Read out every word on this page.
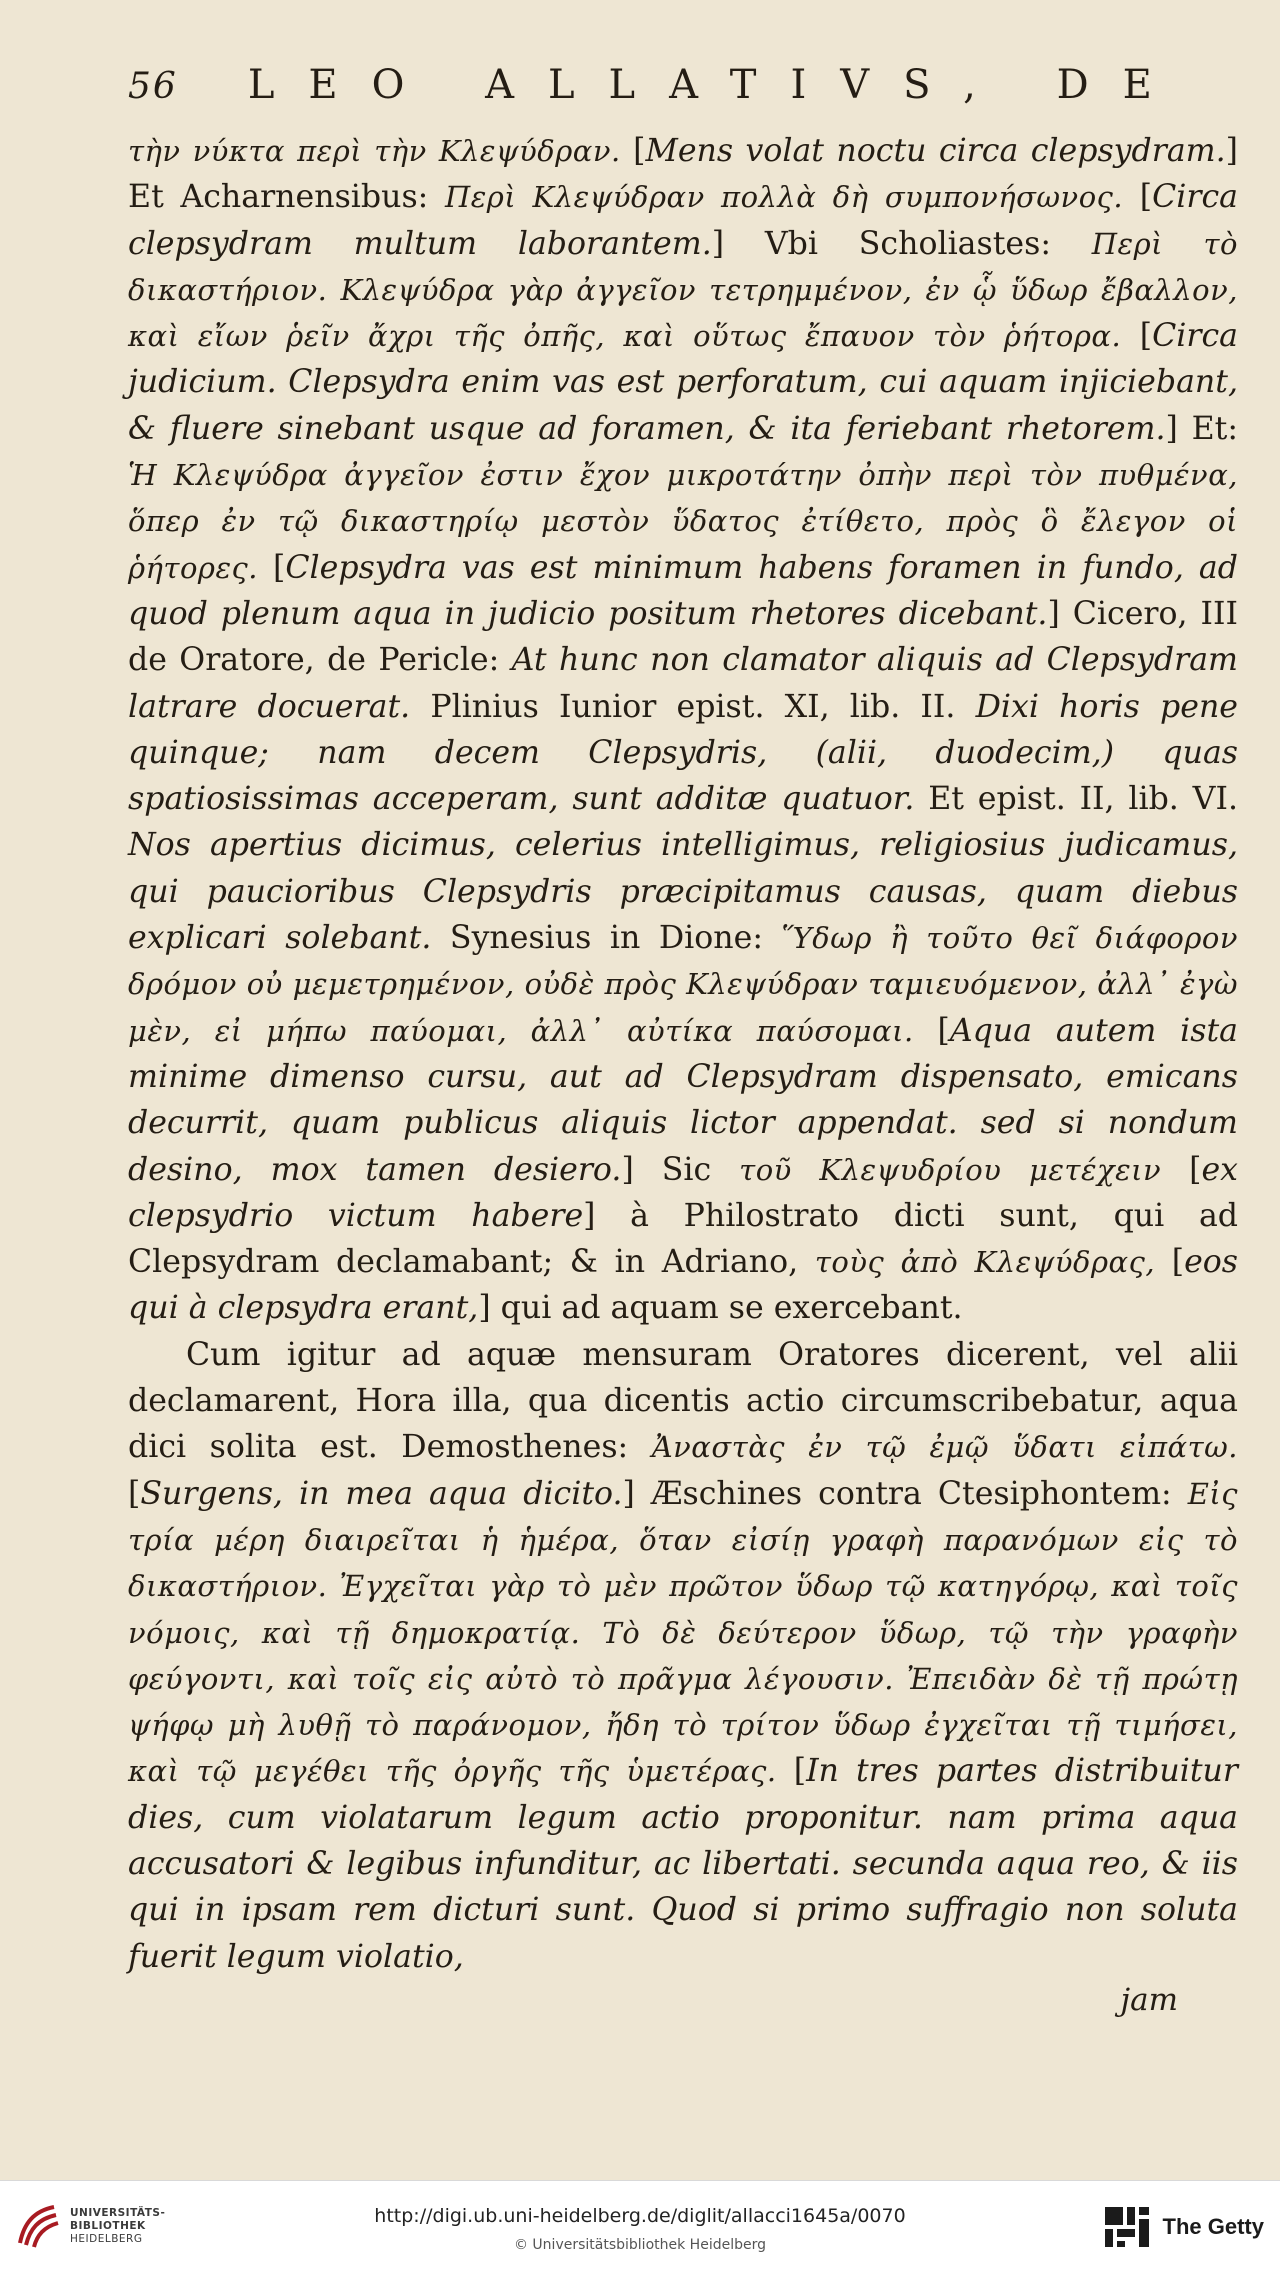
56 LEO ALLATIVS, DE

τὴν νύκτα περὶ τὴν Κλεψύδραν. [Mens volat noctu circa clepsydram.] Et Acharnensibus: Περὶ Κλεψύδραν πολλὰ δὴ συμπονήσωνος. [Circa clepsydram multum laborantem.] Vbi Scholiastes: Περὶ τὸ δικαστήριον. Κλεψύδρα γὰρ ἀγγεῖον τετρημμένον, ἐν ᾧ ὕδωρ ἔβαλλον, καὶ εἴων ῥεῖν ἄχρι τῆς ὀπῆς, καὶ οὕτως ἔπαυον τὸν ῥήτορα. [Circa judicium. Clepsydra enim vas est perforatum, cui aquam injiciebant, & fluere sinebant usque ad foramen, & ita feriebant rhetorem.] Et: Ἡ Κλεψύδρα ἀγγεῖον ἐστιν ἔχον μικροτάτην ὀπὴν περὶ τὸν πυθμένα, ὅπερ ἐν τῷ δικαστηρίῳ μεστὸν ὕδατος ἐτίθετο, πρὸς ὃ ἔλεγον οἱ ῥήτορες. [Clepsydra vas est minimum habens foramen in fundo, ad quod plenum aqua in judicio positum rhetores dicebant.] Cicero, III de Oratore, de Pericle: At hunc non clamator aliquis ad Clepsydram latrare docuerat. Plinius Iunior epist. XI, lib. II. Dixi horis pene quinque; nam decem Clepsydris, (alii, duodecim,) quas spatiosissimas acceperam, sunt additæ quatuor. Et epist. II, lib. VI. Nos apertius dicimus, celerius intelligimus, religiosius judicamus, qui paucioribus Clepsydris præcipitamus causas, quam diebus explicari solebant. Synesius in Dione: Ὕδωρ ἢ τοῦτο θεῖ διάφορον δρόμον οὐ μεμετρημένον, οὐδὲ πρὸς Κλεψύδραν ταμιευόμενον, ἀλλ᾽ ἐγὼ μὲν, εἰ μήπω παύομαι, ἀλλ᾽ αὐτίκα παύσομαι. [Aqua autem ista minime dimenso cursu, aut ad Clepsydram dispensato, emicans decurrit, quam publicus aliquis lictor appendat. sed si nondum desino, mox tamen desiero.] Sic τοῦ Κλεψυδρίου μετέχειν [ex clepsydrio victum habere] à Philostrato dicti sunt, qui ad Clepsydram declamabant; & in Adriano, τοὺς ἀπὸ Κλεψύδρας, [eos qui à clepsydra erant,] qui ad aquam se exercebant.

Cum igitur ad aquæ mensuram Oratores dicerent, vel alii declamarent, Hora illa, qua dicentis actio circumscribebatur, aqua dici solita est. Demosthenes: Ἀναστὰς ἐν τῷ ἐμῷ ὕδατι εἰπάτω. [Surgens, in mea aqua dicito.] Æschines contra Ctesiphontem: Εἰς τρία μέρη διαιρεῖται ἡ ἡμέρα, ὅταν εἰσίῃ γραφὴ παρανόμων εἰς τὸ δικαστήριον. Ἐγχεῖται γὰρ τὸ μὲν πρῶτον ὕδωρ τῷ κατηγόρῳ, καὶ τοῖς νόμοις, καὶ τῇ δημοκρατίᾳ. Τὸ δὲ δεύτερον ὕδωρ, τῷ τὴν γραφὴν φεύγοντι, καὶ τοῖς εἰς αὐτὸ τὸ πρᾶγμα λέγουσιν. Ἐπειδὰν δὲ τῇ πρώτῃ ψήφῳ μὴ λυθῇ τὸ παράνομον, ἤδη τὸ τρίτον ὕδωρ ἐγχεῖται τῇ τιμήσει, καὶ τῷ μεγέθει τῆς ὀργῆς τῆς ὑμετέρας. [In tres partes distribuitur dies, cum violatarum legum actio proponitur. nam prima aqua accusatori & legibus infunditur, ac libertati. secunda aqua reo, & iis qui in ipsam rem dicturi sunt. Quod si primo suffragio non soluta fuerit legum violatio,

jam
UNIVERSITÄTS-
BIBLIOTHEK
HEIDELBERG
http://digi.ub.uni-heidelberg.de/diglit/allacci1645a/0070
© Universitätsbibliothek Heidelberg
The Getty
